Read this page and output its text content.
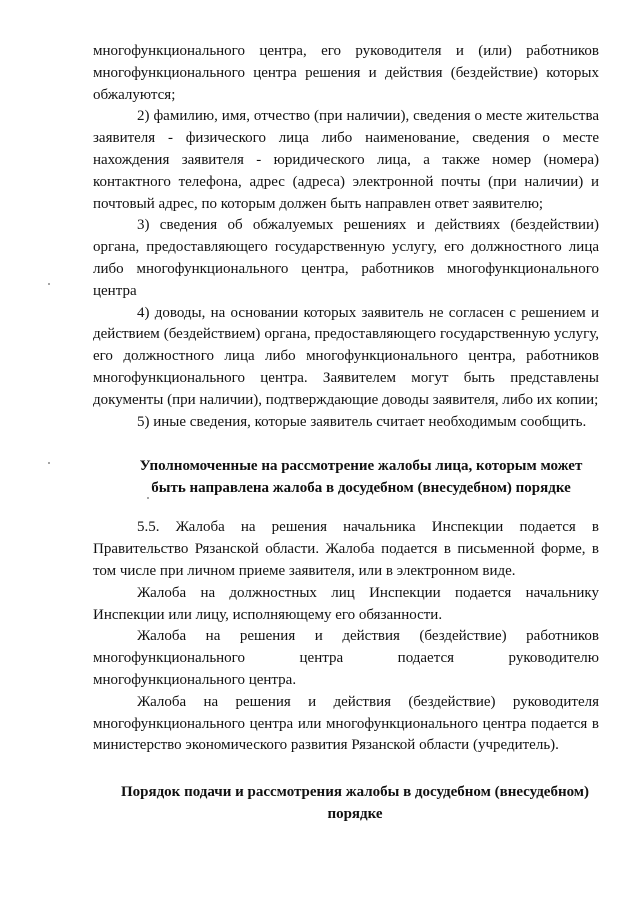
многофункционального центра, его руководителя и (или) работников многофункционального центра решения и действия (бездействие) которых обжалуются;

2) фамилию, имя, отчество (при наличии), сведения о месте жительства заявителя - физического лица либо наименование, сведения о месте нахождения заявителя - юридического лица, а также номер (номера) контактного телефона, адрес (адреса) электронной почты (при наличии) и почтовый адрес, по которым должен быть направлен ответ заявителю;

3) сведения об обжалуемых решениях и действиях (бездействии) органа, предоставляющего государственную услугу, его должностного лица либо многофункционального центра, работников многофункционального центра

4) доводы, на основании которых заявитель не согласен с решением и действием (бездействием) органа, предоставляющего государственную услугу, его должностного лица либо многофункционального центра, работников многофункционального центра. Заявителем могут быть представлены документы (при наличии), подтверждающие доводы заявителя, либо их копии;

5) иные сведения, которые заявитель считает необходимым сообщить.

Уполномоченные на рассмотрение жалобы лица, которым может быть направлена жалоба в досудебном (внесудебном) порядке

5.5. Жалоба на решения начальника Инспекции подается в Правительство Рязанской области. Жалоба подается в письменной форме, в том числе при личном приеме заявителя, или в электронном виде.

Жалоба на должностных лиц Инспекции подается начальнику Инспекции или лицу, исполняющему его обязанности.

Жалоба на решения и действия (бездействие) работников многофункционального центра подается руководителю многофункционального центра.

Жалоба на решения и действия (бездействие) руководителя многофункционального центра или многофункционального центра подается в министерство экономического развития Рязанской области (учредитель).

Порядок подачи и рассмотрения жалобы в досудебном (внесудебном) порядке
